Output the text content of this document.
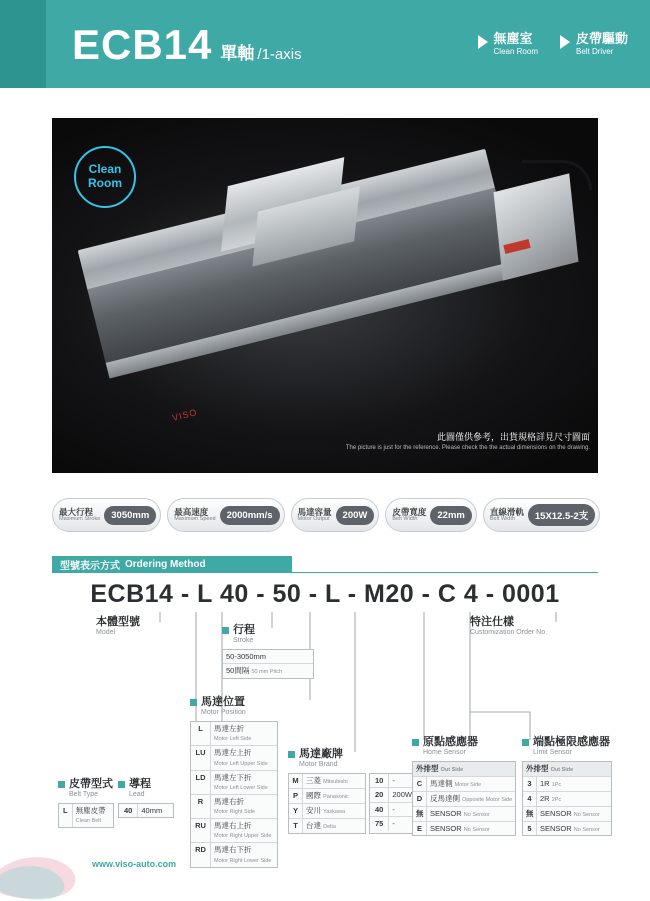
ECB14 單軸 /1-axis
無塵室
Clean Room
皮帶驅動
Belt Driver
Clean
Room
VISO
此圖僅供參考，出貨規格詳見尺寸圖面
The picture is just for the reference. Please check the the actual dimensions on the drawing.
最大行程
Maximum Stroke	3050mm	最高速度
Maximum Speed	2000mm/s	馬達容量
Motor Output	200W	皮帶寬度
Belt Width	22mm	直線滑軌
Belt Width	15X12.5-2支
型號表示方式 Ordering Method
ECB14 - L 40 - 50 - L - M20 - C 4 - 0001
本體型號
Model
特注仕樣
Customization Order No.
行程
Stroke
50-3050mm
50間隔 50 mm Pitch
皮帶型式
Belt Type
L	無塵皮帶
Clean Belt
導程
Lead
40	40mm
馬達位置
Motor Position
L	馬達左折
Motor Left Side
LU	馬達左上折
Motor Left Upper Side
LD	馬達左下折
Motor Left Lower Side
R	馬達右折
Motor Right Side
RU	馬達右上折
Motor Right Upper Side
RD	馬達右下折
Motor Right Lower Side
馬達廠牌
Motor Brand
M 三菱 Mitsubishi
P	國際 Panasonic
Y	安川 Yaskawa
T	台達 Delta
10	-
20	200W
40	-
75	-
原點感應器
Home Sensor
外排型 Out Side
C	馬達側 Motor Side
D	反馬達側 Opposite Motor Side
無 SENSOR No Sensor
E	SENSOR No Sensor
端點極限感應器
Limit Sensor
外排型 Out Side
3	1R 1Pc
4	2R 2Pc
無 SENSOR No Sensor
5	SENSOR No Sensor
www.viso-auto.com
